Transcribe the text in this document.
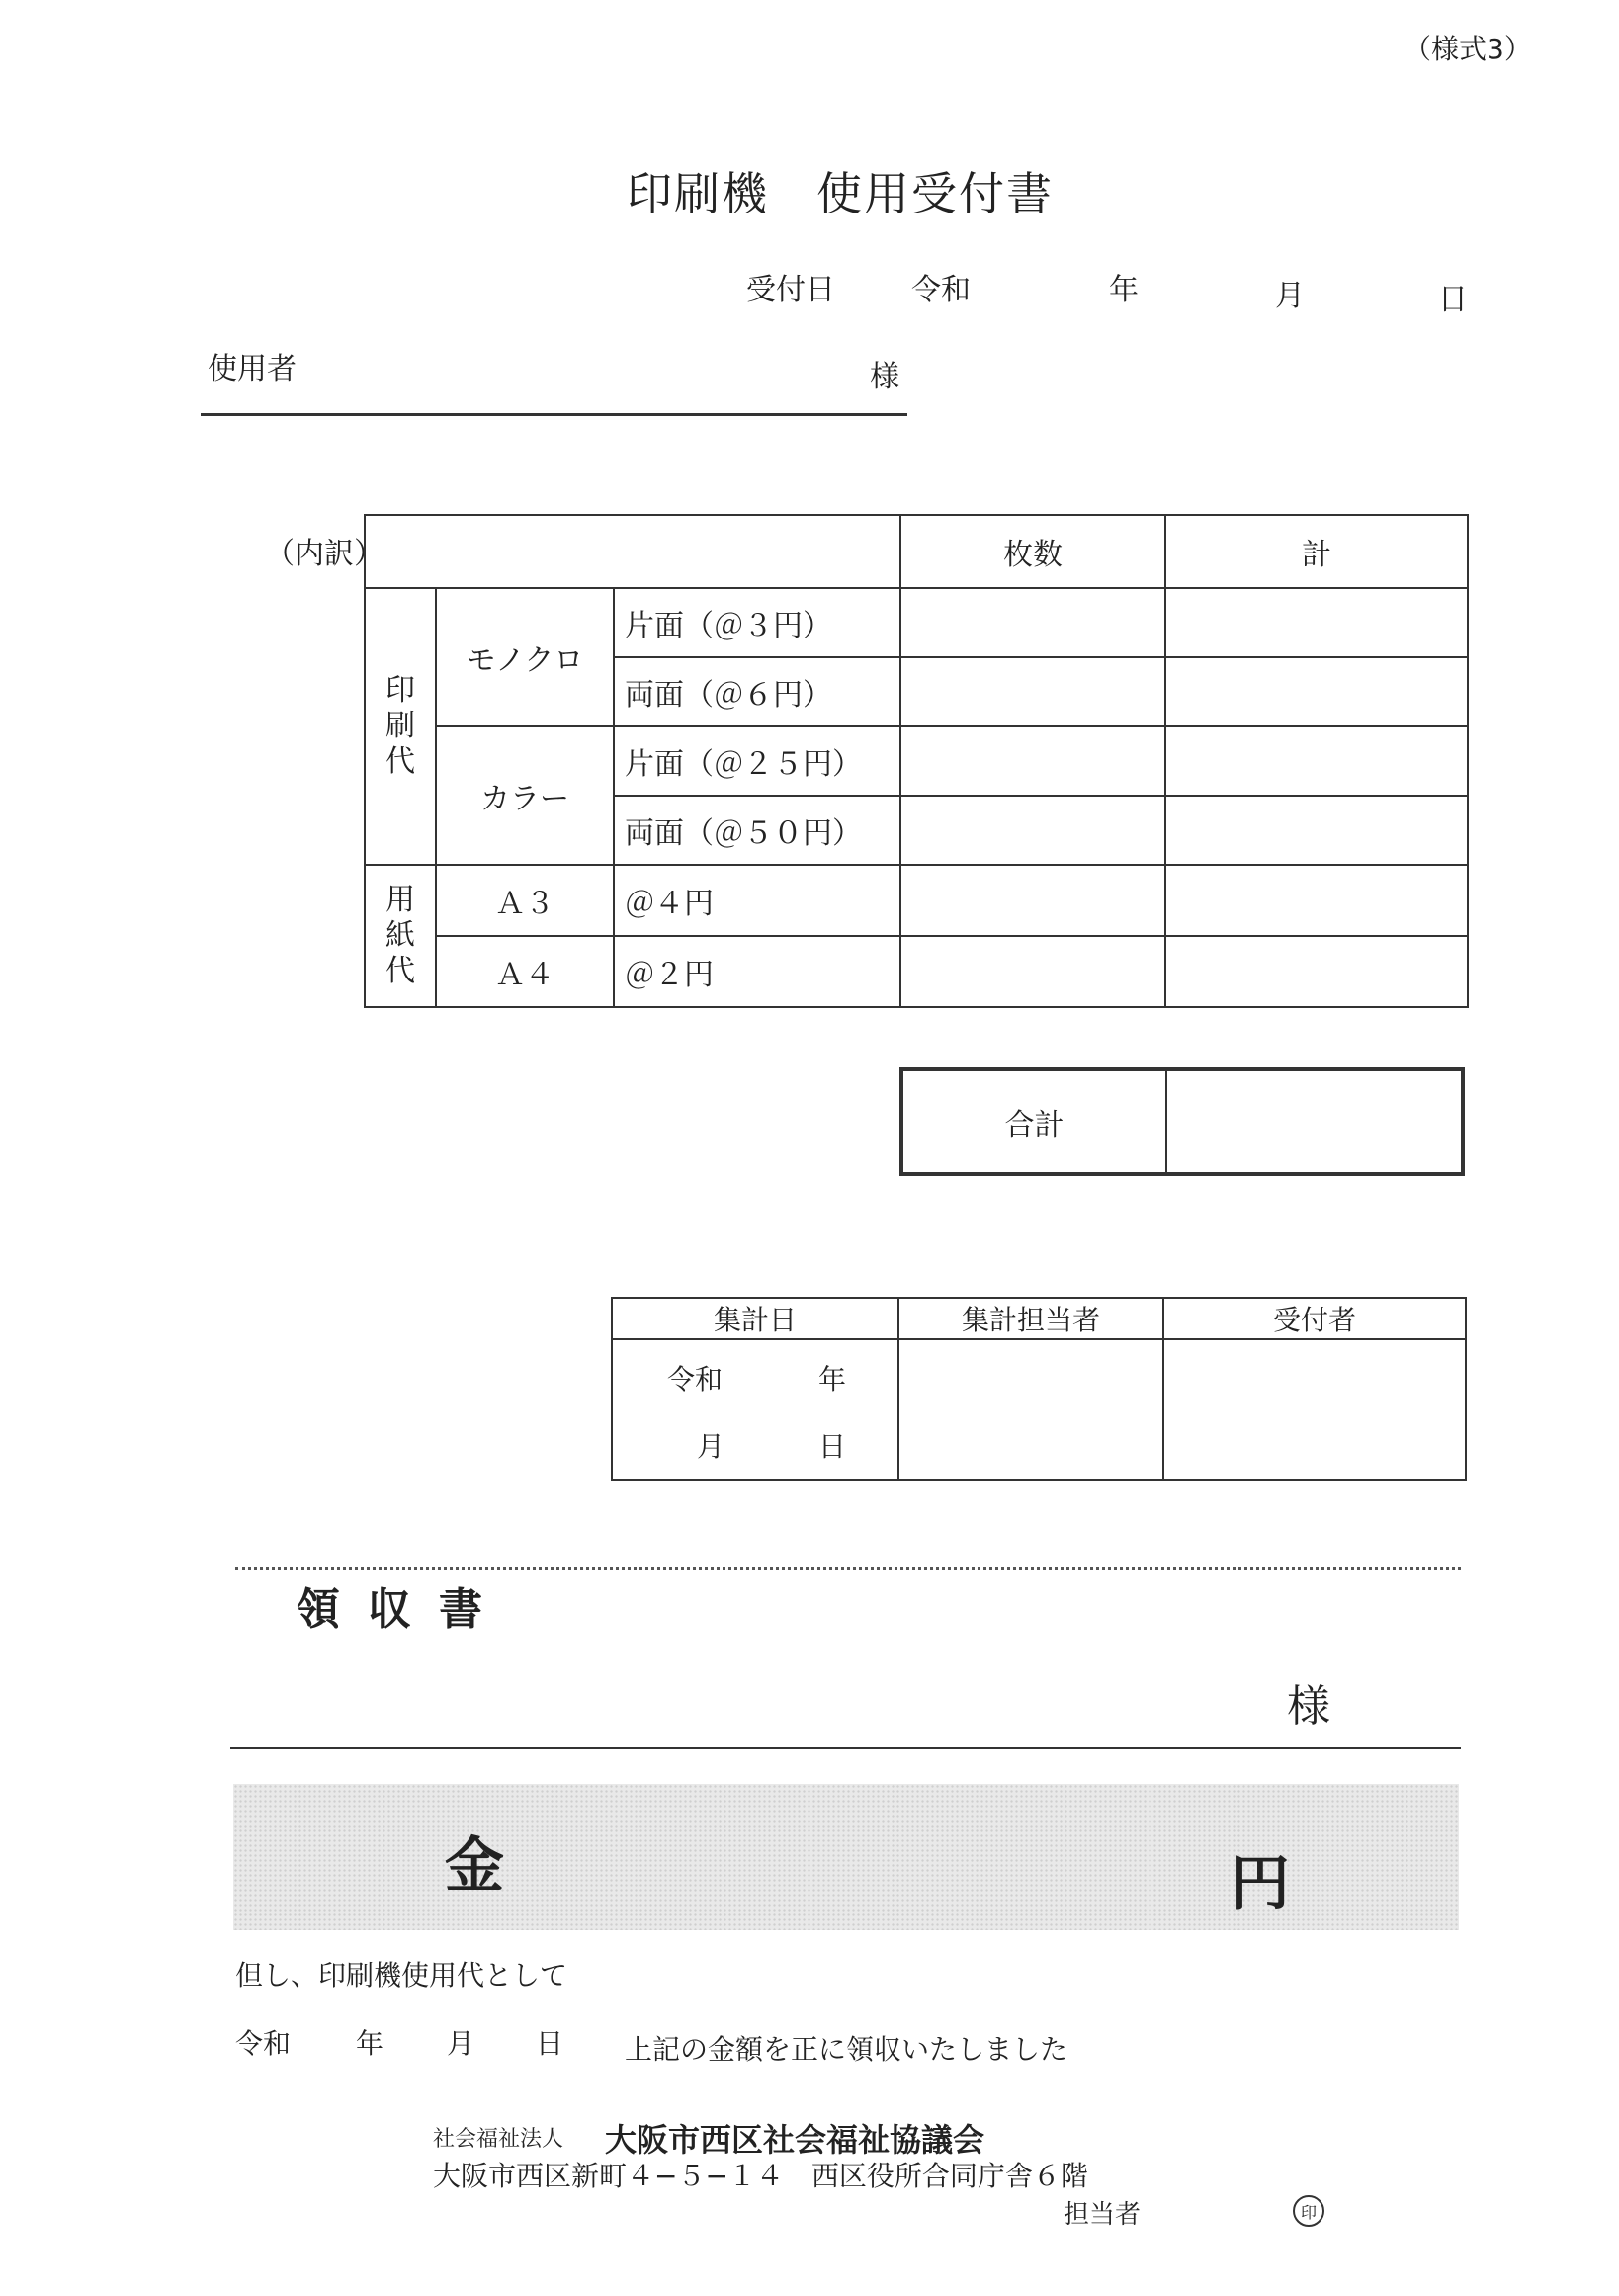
（様式3）
印刷機　使用受付書
受付日	令和	年	月	日
使用者	様
（内訳）
			枚数	計

印刷代	モノクロ	片面（＠３円）		
		両面（＠６円）		
	カラー	片面（＠２５円）		
		両面（＠５０円）		

用紙代	Ａ３	＠４円		
	Ａ４	＠２円		
合計
集計日	集計担当者	受付者

令和 年
月 日		

領収書
様
金	円
但し、印刷機使用代として
令和 年 月 日 上記の金額を正に領収いたしました
社会福祉法人 大阪市西区社会福祉協議会
大阪市西区新町４−５−１４　西区役所合同庁舎６階
担当者	印
